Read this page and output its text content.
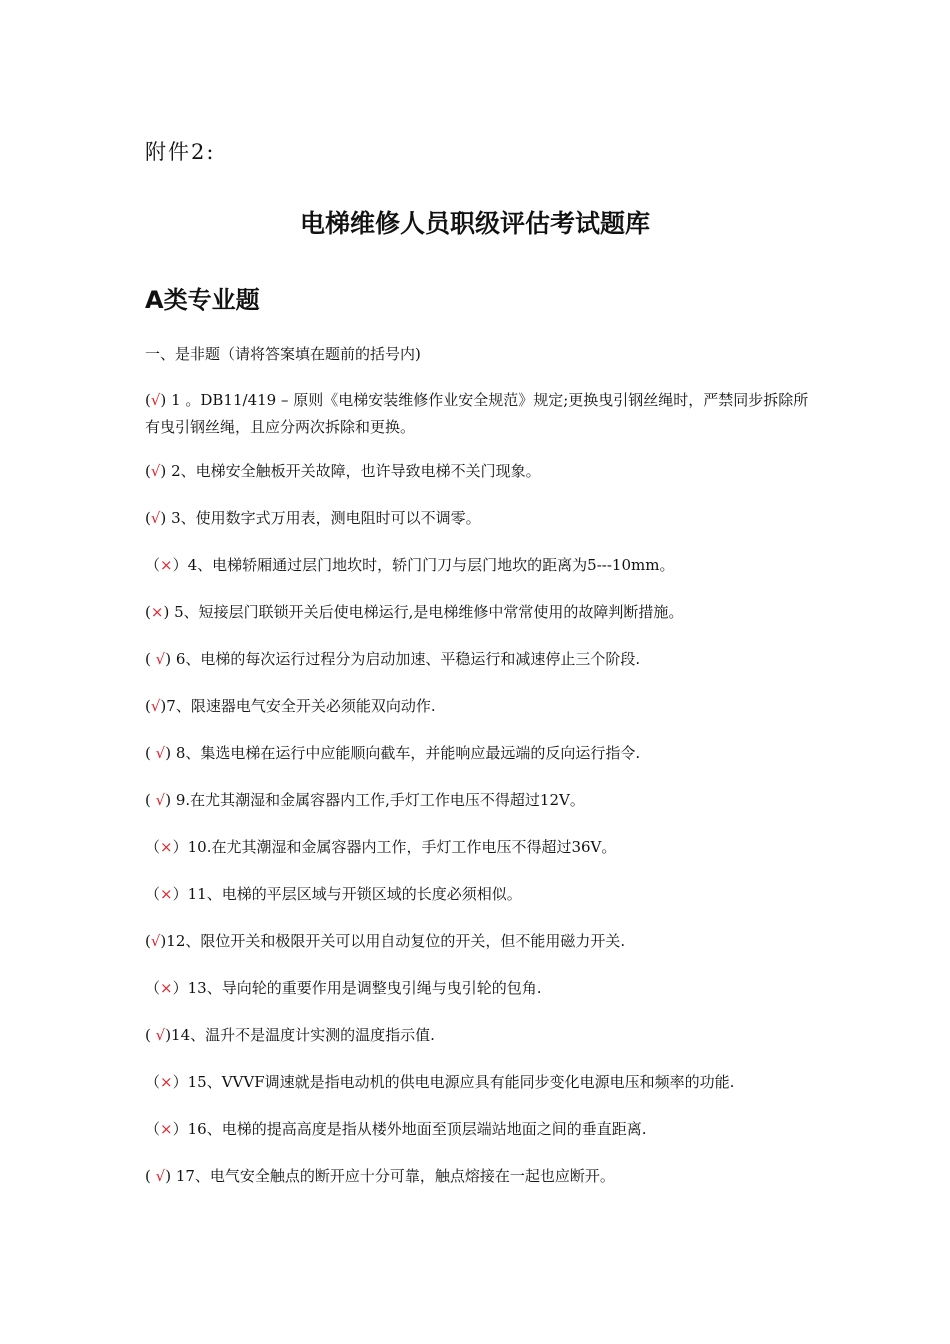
附件2:
电梯维修人员职级评估考试题库
A类专业题
一、是非题（请将答案填在题前的括号内)
(√) 1 。DB11/419 – 原则《电梯安装维修作业安全规范》规定;更换曳引钢丝绳时，严禁同步拆除所有曳引钢丝绳，且应分两次拆除和更换。
(√) 2、电梯安全触板开关故障，也许导致电梯不关门现象。
(√) 3、使用数字式万用表，测电阻时可以不调零。
（×）4、电梯轿厢通过层门地坎时，轿门门刀与层门地坎的距离为5---10mm。
(×) 5、短接层门联锁开关后使电梯运行,是电梯维修中常常使用的故障判断措施。
( √) 6、电梯的每次运行过程分为启动加速、平稳运行和减速停止三个阶段.
(√)7、限速器电气安全开关必须能双向动作.
( √) 8、集选电梯在运行中应能顺向截车，并能响应最远端的反向运行指令.
( √) 9.在尤其潮湿和金属容器内工作,手灯工作电压不得超过12V。
（×）10.在尤其潮湿和金属容器内工作，手灯工作电压不得超过36V。
（×）11、电梯的平层区域与开锁区域的长度必须相似。
(√)12、限位开关和极限开关可以用自动复位的开关，但不能用磁力开关.
（×）13、导向轮的重要作用是调整曳引绳与曳引轮的包角.
( √)14、温升不是温度计实测的温度指示值.
（×）15、VVVF调速就是指电动机的供电电源应具有能同步变化电源电压和频率的功能.
（×）16、电梯的提高高度是指从楼外地面至顶层端站地面之间的垂直距离.
( √) 17、电气安全触点的断开应十分可靠，触点熔接在一起也应断开。
